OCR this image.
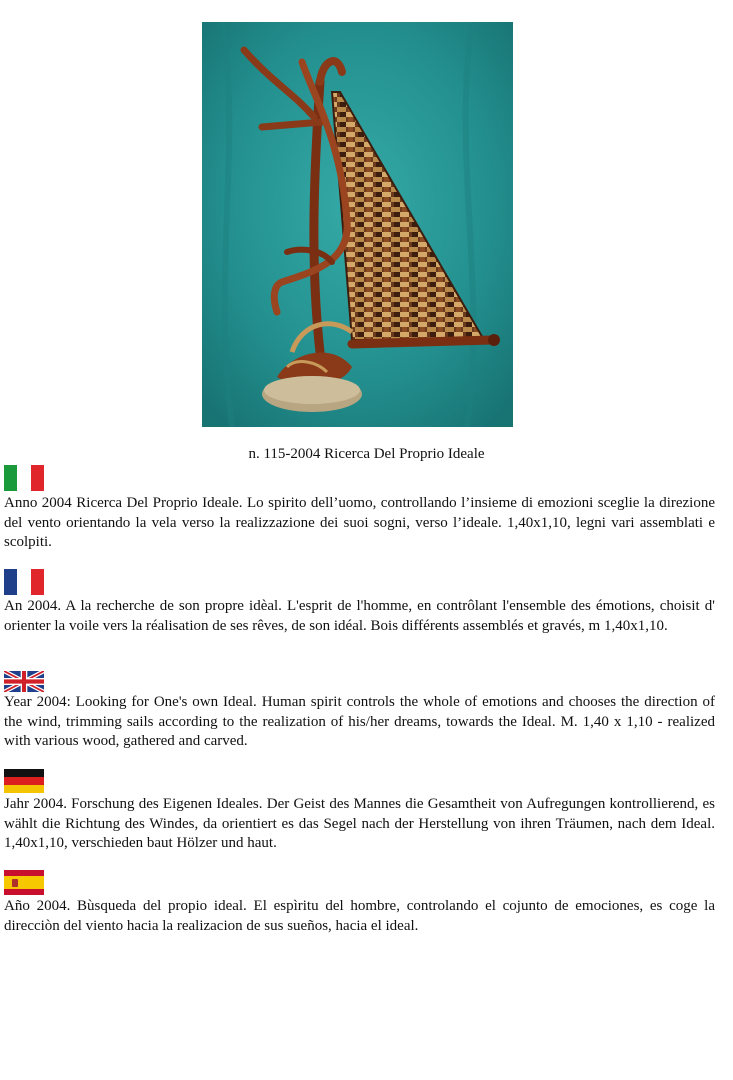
n. 115-2004 Ricerca Del Proprio Ideale

Anno 2004 Ricerca Del Proprio Ideale. Lo spirito dell’uomo, controllando l’insieme di emozioni sceglie la direzione del vento orientando la vela verso la realizzazione dei suoi sogni, verso l’ideale. 1,40x1,10, legni vari assemblati e scolpiti.

An 2004. A la recherche de son propre idèal. L'esprit de l'homme, en contrôlant l'ensemble des émotions, choisit d' orienter la voile vers la réalisation de ses rêves, de son idéal. Bois différents assemblés et gravés, m 1,40x1,10.

Year 2004: Looking for One's own Ideal. Human spirit controls the whole of emotions and chooses the direction of the wind, trimming sails according to the realization of his/her dreams, towards the Ideal. M. 1,40 x 1,10 - realized with various wood, gathered and carved.

Jahr 2004. Forschung des Eigenen Ideales. Der Geist des Mannes die Gesamtheit von Aufregungen kontrollierend, es wählt die Richtung des Windes, da orientiert es das Segel nach der Herstellung von ihren Träumen, nach dem Ideal. 1,40x1,10, verschieden baut Hölzer und haut.

Año 2004. Bùsqueda del propio ideal. El espìritu del hombre, controlando el cojunto de emociones, es coge la direcciòn del viento hacia la realizacion de sus sueños, hacia el ideal.
